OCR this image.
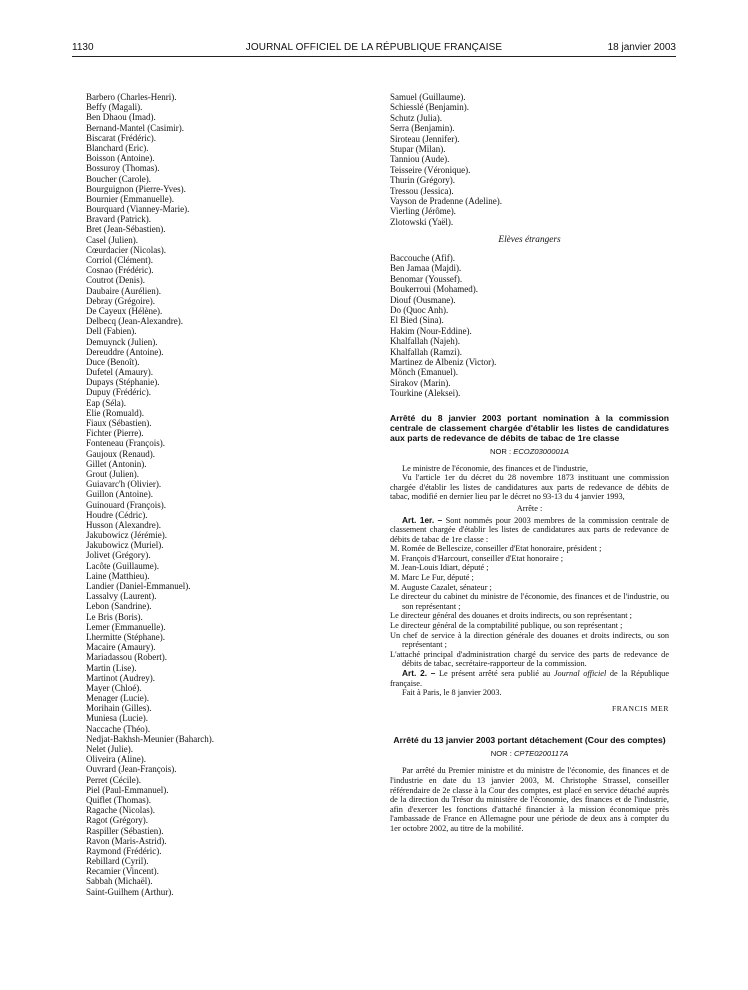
1130	JOURNAL OFFICIEL DE LA RÉPUBLIQUE FRANÇAISE	18 janvier 2003
Barbero (Charles-Henri).
Beffy (Magali).
Ben Dhaou (Imad).
Bernand-Mantel (Casimir).
Biscarat (Frédéric).
Blanchard (Eric).
Boisson (Antoine).
Bossuroy (Thomas).
Boucher (Carole).
Bourguignon (Pierre-Yves).
Bournier (Emmanuelle).
Bourquard (Vianney-Marie).
Bravard (Patrick).
Bret (Jean-Sébastien).
Casel (Julien).
Cœurdacier (Nicolas).
Corriol (Clément).
Cosnao (Frédéric).
Coutrot (Denis).
Daubaire (Aurélien).
Debray (Grégoire).
De Cayeux (Hélène).
Delbecq (Jean-Alexandre).
Dell (Fabien).
Demuynck (Julien).
Dereuddre (Antoine).
Duce (Benoît).
Dufetel (Amaury).
Dupays (Stéphanie).
Dupuy (Frédéric).
Eap (Séla).
Elie (Romuald).
Fiaux (Sébastien).
Fichter (Pierre).
Fonteneau (François).
Gaujoux (Renaud).
Gillet (Antonin).
Grout (Julien).
Guiavarc'h (Olivier).
Guillon (Antoine).
Guinouard (François).
Houdre (Cédric).
Husson (Alexandre).
Jakubowicz (Jérémie).
Jakubowicz (Muriel).
Jolivet (Grégory).
Lacôte (Guillaume).
Laine (Matthieu).
Landier (Daniel-Emmanuel).
Lassalvy (Laurent).
Lebon (Sandrine).
Le Bris (Boris).
Lemer (Emmanuelle).
Lhermitte (Stéphane).
Macaire (Amaury).
Mariadassou (Robert).
Martin (Lise).
Martinot (Audrey).
Mayer (Chloé).
Menager (Lucie).
Morihain (Gilles).
Muniesa (Lucie).
Naccache (Théo).
Nedjat-Bakhsh-Meunier (Baharch).
Nelet (Julie).
Oliveira (Aline).
Ouvrard (Jean-François).
Perret (Cécile).
Piel (Paul-Emmanuel).
Quiflet (Thomas).
Ragache (Nicolas).
Ragot (Grégory).
Raspiller (Sébastien).
Ravon (Maris-Astrid).
Raymond (Frédéric).
Rebillard (Cyril).
Recamier (Vincent).
Sabbah (Michaël).
Saint-Guilhem (Arthur).
Samuel (Guillaume).
Schiesslé (Benjamin).
Schutz (Julia).
Serra (Benjamin).
Siroteau (Jennifer).
Stupar (Milan).
Tanniou (Aude).
Teisseire (Véronique).
Thurin (Grégory).
Tressou (Jessica).
Vayson de Pradenne (Adeline).
Vierling (Jérôme).
Zlotowski (Yaël).
Elèves étrangers
Baccouche (Afif).
Ben Jamaa (Majdi).
Benomar (Youssef).
Boukerroui (Mohamed).
Diouf (Ousmane).
Do (Quoc Anh).
El Bied (Sina).
Hakim (Nour-Eddine).
Khalfallah (Najeh).
Khalfallah (Ramzi).
Martinez de Albeniz (Victor).
Mönch (Emanuel).
Sirakov (Marin).
Tourkine (Aleksei).
Arrêté du 8 janvier 2003 portant nomination à la commission centrale de classement chargée d'établir les listes de candidatures aux parts de redevance de débits de tabac de 1re classe
NOR : ECOZ0300001A

Le ministre de l'économie, des finances et de l'industrie,

Vu l'article 1er du décret du 28 novembre 1873 instituant une commission chargée d'établir les listes de candidatures aux parts de redevance de débits de tabac, modifié en dernier lieu par le décret no 93-13 du 4 janvier 1993,

Arrête :

Art. 1er. – Sont nommés pour 2003 membres de la commission centrale de classement chargée d'établir les listes de candidatures aux parts de redevance de débits de tabac de 1re classe :

M. Romée de Bellescize, conseiller d'Etat honoraire, président ;
M. François d'Harcourt, conseiller d'Etat honoraire ;
M. Jean-Louis Idiart, député ;
M. Marc Le Fur, député ;
M. Auguste Cazalet, sénateur ;
Le directeur du cabinet du ministre de l'économie, des finances et de l'industrie, ou son représentant ;
Le directeur général des douanes et droits indirects, ou son représentant ;
Le directeur général de la comptabilité publique, ou son représentant ;
Un chef de service à la direction générale des douanes et droits indirects, ou son représentant ;
L'attaché principal d'administration chargé du service des parts de redevance de débits de tabac, secrétaire-rapporteur de la commission.

Art. 2. – Le présent arrêté sera publié au Journal officiel de la République française.

Fait à Paris, le 8 janvier 2003.

FRANCIS MER
Arrêté du 13 janvier 2003 portant détachement (Cour des comptes)
NOR : CPTE0200117A

Par arrêté du Premier ministre et du ministre de l'économie, des finances et de l'industrie en date du 13 janvier 2003, M. Christophe Strassel, conseiller référendaire de 2e classe à la Cour des comptes, est placé en service détaché auprès de la direction du Trésor du ministère de l'économie, des finances et de l'industrie, afin d'exercer les fonctions d'attaché financier à la mission économique près l'ambassade de France en Allemagne pour une période de deux ans à compter du 1er octobre 2002, au titre de la mobilité.
